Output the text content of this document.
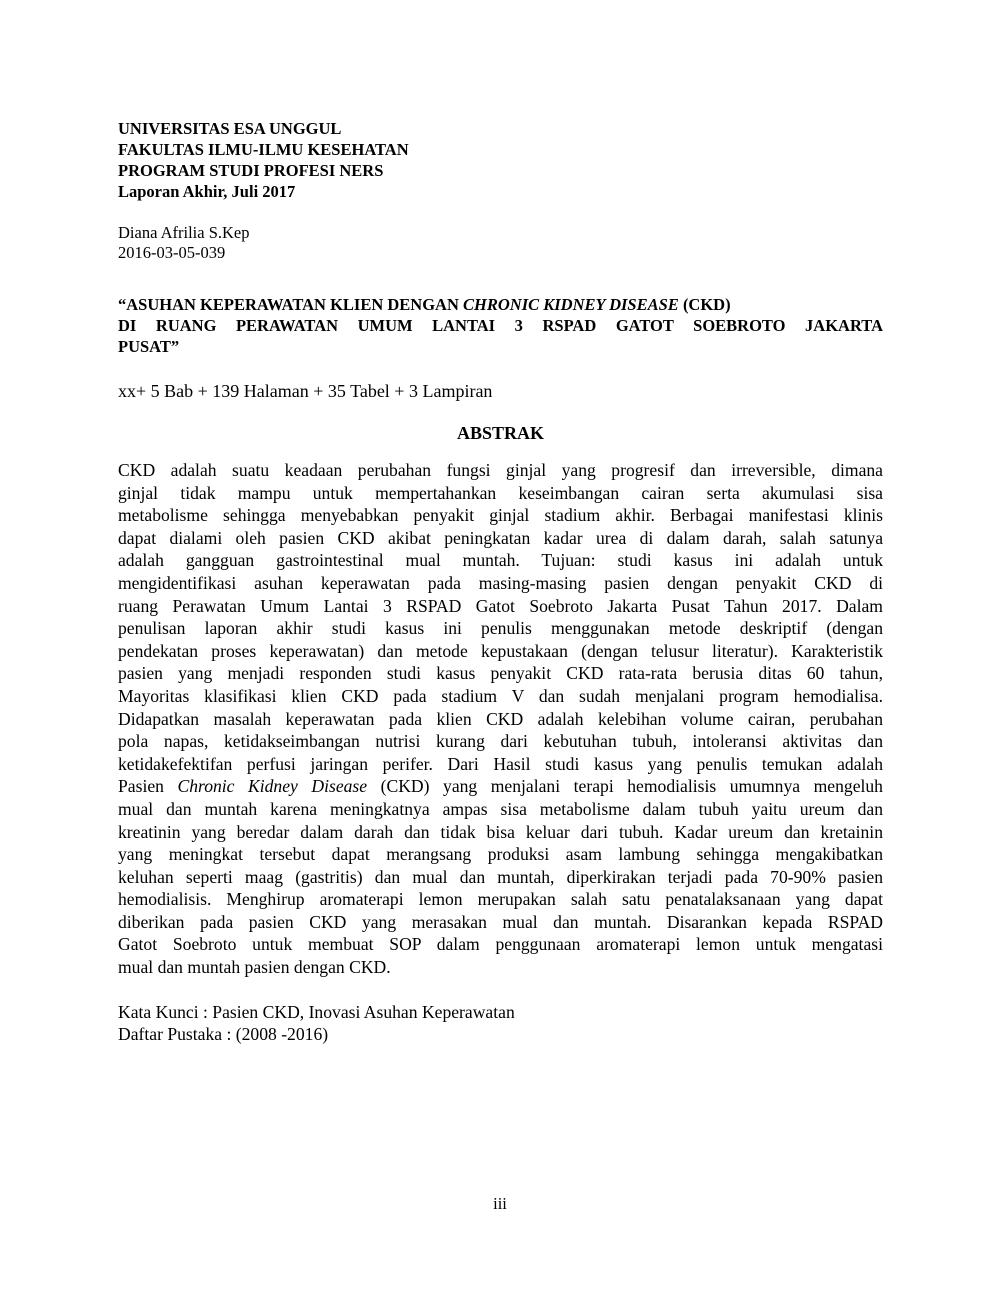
UNIVERSITAS ESA UNGGUL
FAKULTAS ILMU-ILMU KESEHATAN
PROGRAM STUDI PROFESI NERS
Laporan Akhir, Juli 2017
Diana Afrilia S.Kep
2016-03-05-039
“ASUHAN KEPERAWATAN KLIEN DENGAN CHRONIC KIDNEY DISEASE (CKD)
DI RUANG PERAWATAN UMUM LANTAI 3 RSPAD GATOT SOEBROTO JAKARTA
PUSAT”
xx+ 5 Bab + 139 Halaman + 35 Tabel + 3 Lampiran
ABSTRAK
CKD adalah suatu keadaan perubahan fungsi ginjal yang progresif dan irreversible, dimana
ginjal tidak mampu untuk mempertahankan keseimbangan cairan serta akumulasi sisa
metabolisme sehingga menyebabkan penyakit ginjal stadium akhir. Berbagai manifestasi klinis
dapat dialami oleh pasien CKD akibat peningkatan kadar urea di dalam darah, salah satunya
adalah gangguan gastrointestinal mual muntah. Tujuan: studi kasus ini adalah untuk
mengidentifikasi asuhan keperawatan pada masing-masing pasien dengan penyakit CKD di
ruang Perawatan Umum Lantai 3 RSPAD Gatot Soebroto Jakarta Pusat Tahun 2017. Dalam
penulisan laporan akhir studi kasus ini penulis menggunakan metode deskriptif (dengan
pendekatan proses keperawatan) dan metode kepustakaan (dengan telusur literatur). Karakteristik
pasien yang menjadi responden studi kasus penyakit CKD rata-rata berusia ditas 60 tahun,
Mayoritas klasifikasi klien CKD pada stadium V dan sudah menjalani program hemodialisa.
Didapatkan masalah keperawatan pada klien CKD adalah kelebihan volume cairan, perubahan
pola napas, ketidakseimbangan nutrisi kurang dari kebutuhan tubuh, intoleransi aktivitas dan
ketidakefektifan perfusi jaringan perifer. Dari Hasil studi kasus yang penulis temukan adalah
Pasien Chronic Kidney Disease (CKD) yang menjalani terapi hemodialisis umumnya mengeluh
mual dan muntah karena meningkatnya ampas sisa metabolisme dalam tubuh yaitu ureum dan
kreatinin yang beredar dalam darah dan tidak bisa keluar dari tubuh. Kadar ureum dan kretainin
yang meningkat tersebut dapat merangsang produksi asam lambung sehingga mengakibatkan
keluhan seperti maag (gastritis) dan mual dan muntah, diperkirakan terjadi pada 70-90% pasien
hemodialisis. Menghirup aromaterapi lemon merupakan salah satu penatalaksanaan yang dapat
diberikan pada pasien CKD yang merasakan mual dan muntah. Disarankan kepada RSPAD
Gatot Soebroto untuk membuat SOP dalam penggunaan aromaterapi lemon untuk mengatasi
mual dan muntah pasien dengan CKD.
Kata Kunci : Pasien CKD, Inovasi Asuhan Keperawatan
Daftar Pustaka : (2008 -2016)
iii
